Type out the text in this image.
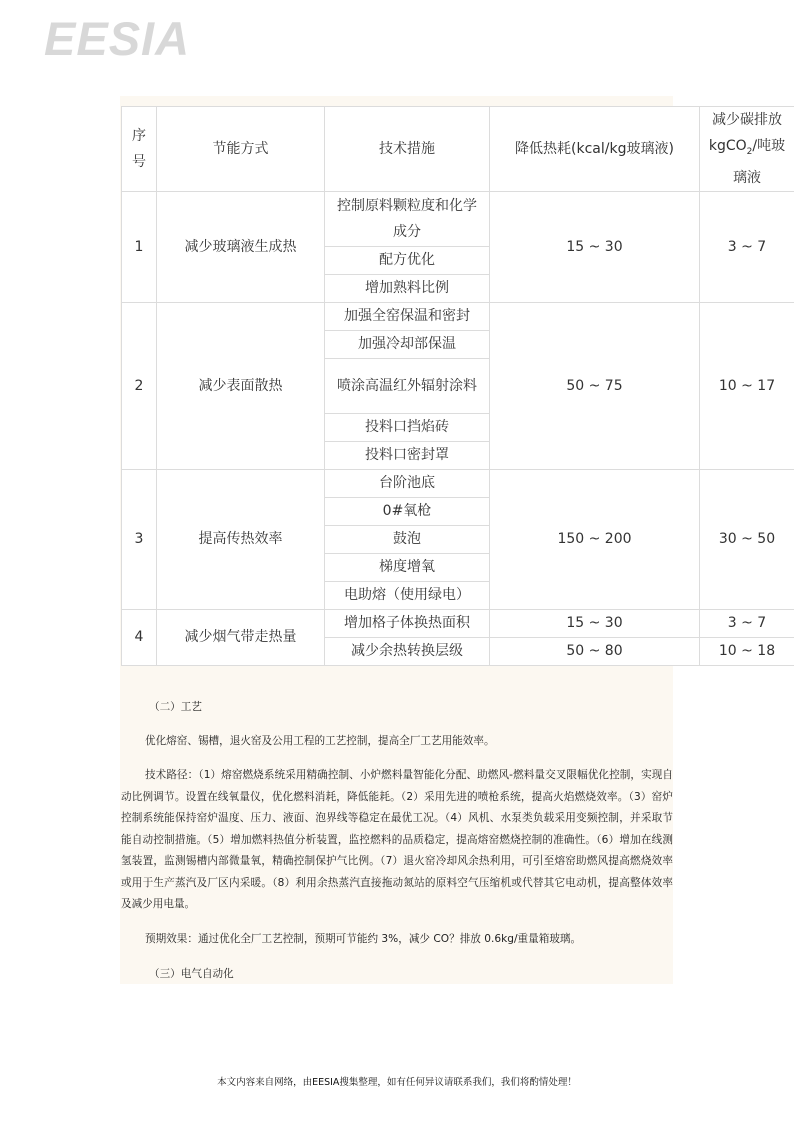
EESIA
序号	节能方式	技术措施	降低热耗(kcal/kg玻璃液)	减少碳排放kgCO$_2$/吨玻璃液
1	减少玻璃液生成热	控制原料颗粒度和化学成分	15 ~ 30	3 ~ 7
		配方优化		
		增加熟料比例		
2	减少表面散热	加强全窑保温和密封	50 ~ 75	10 ~ 17
		加强冷却部保温		
		喷涂高温红外辐射涂料		
		投料口挡焰砖		
		投料口密封罩		
3	提高传热效率	台阶池底	150 ~ 200	30 ~ 50
		0#氧枪		
		鼓泡		
		梯度增氧		
		电助熔（使用绿电）		
4	减少烟气带走热量	增加格子体换热面积	15 ~ 30	3 ~ 7
		减少余热转换层级	50 ~ 80	10 ~ 18
（二）工艺
优化熔窑、锡槽，退火窑及公用工程的工艺控制，提高全厂工艺用能效率。
技术路径：（1）熔窑燃烧系统采用精确控制、小炉燃料量智能化分配、助燃风-燃料量交叉限幅优化控制，实现自动比例调节。设置在线氧量仪，优化燃料消耗，降低能耗。（2）采用先进的喷枪系统，提高火焰燃烧效率。（3）窑炉控制系统能保持窑炉温度、压力、液面、泡界线等稳定在最优工况。（4）风机、水泵类负载采用变频控制，并采取节能自动控制措施。（5）增加燃料热值分析装置，监控燃料的品质稳定，提高熔窑燃烧控制的准确性。（6）增加在线测氢装置，监测锡槽内部微量氧，精确控制保护气比例。（7）退火窑冷却风余热利用，可引至熔窑助燃风提高燃烧效率或用于生产蒸汽及厂区内采暖。（8）利用余热蒸汽直接拖动氮站的原料空气压缩机或代替其它电动机，提高整体效率及减少用电量。
预期效果：通过优化全厂工艺控制，预期可节能约 3%，减少 CO？排放 0.6kg/重量箱玻璃。
（三）电气自动化
本文内容来自网络，由EESIA搜集整理，如有任何异议请联系我们，我们将酌情处理！
